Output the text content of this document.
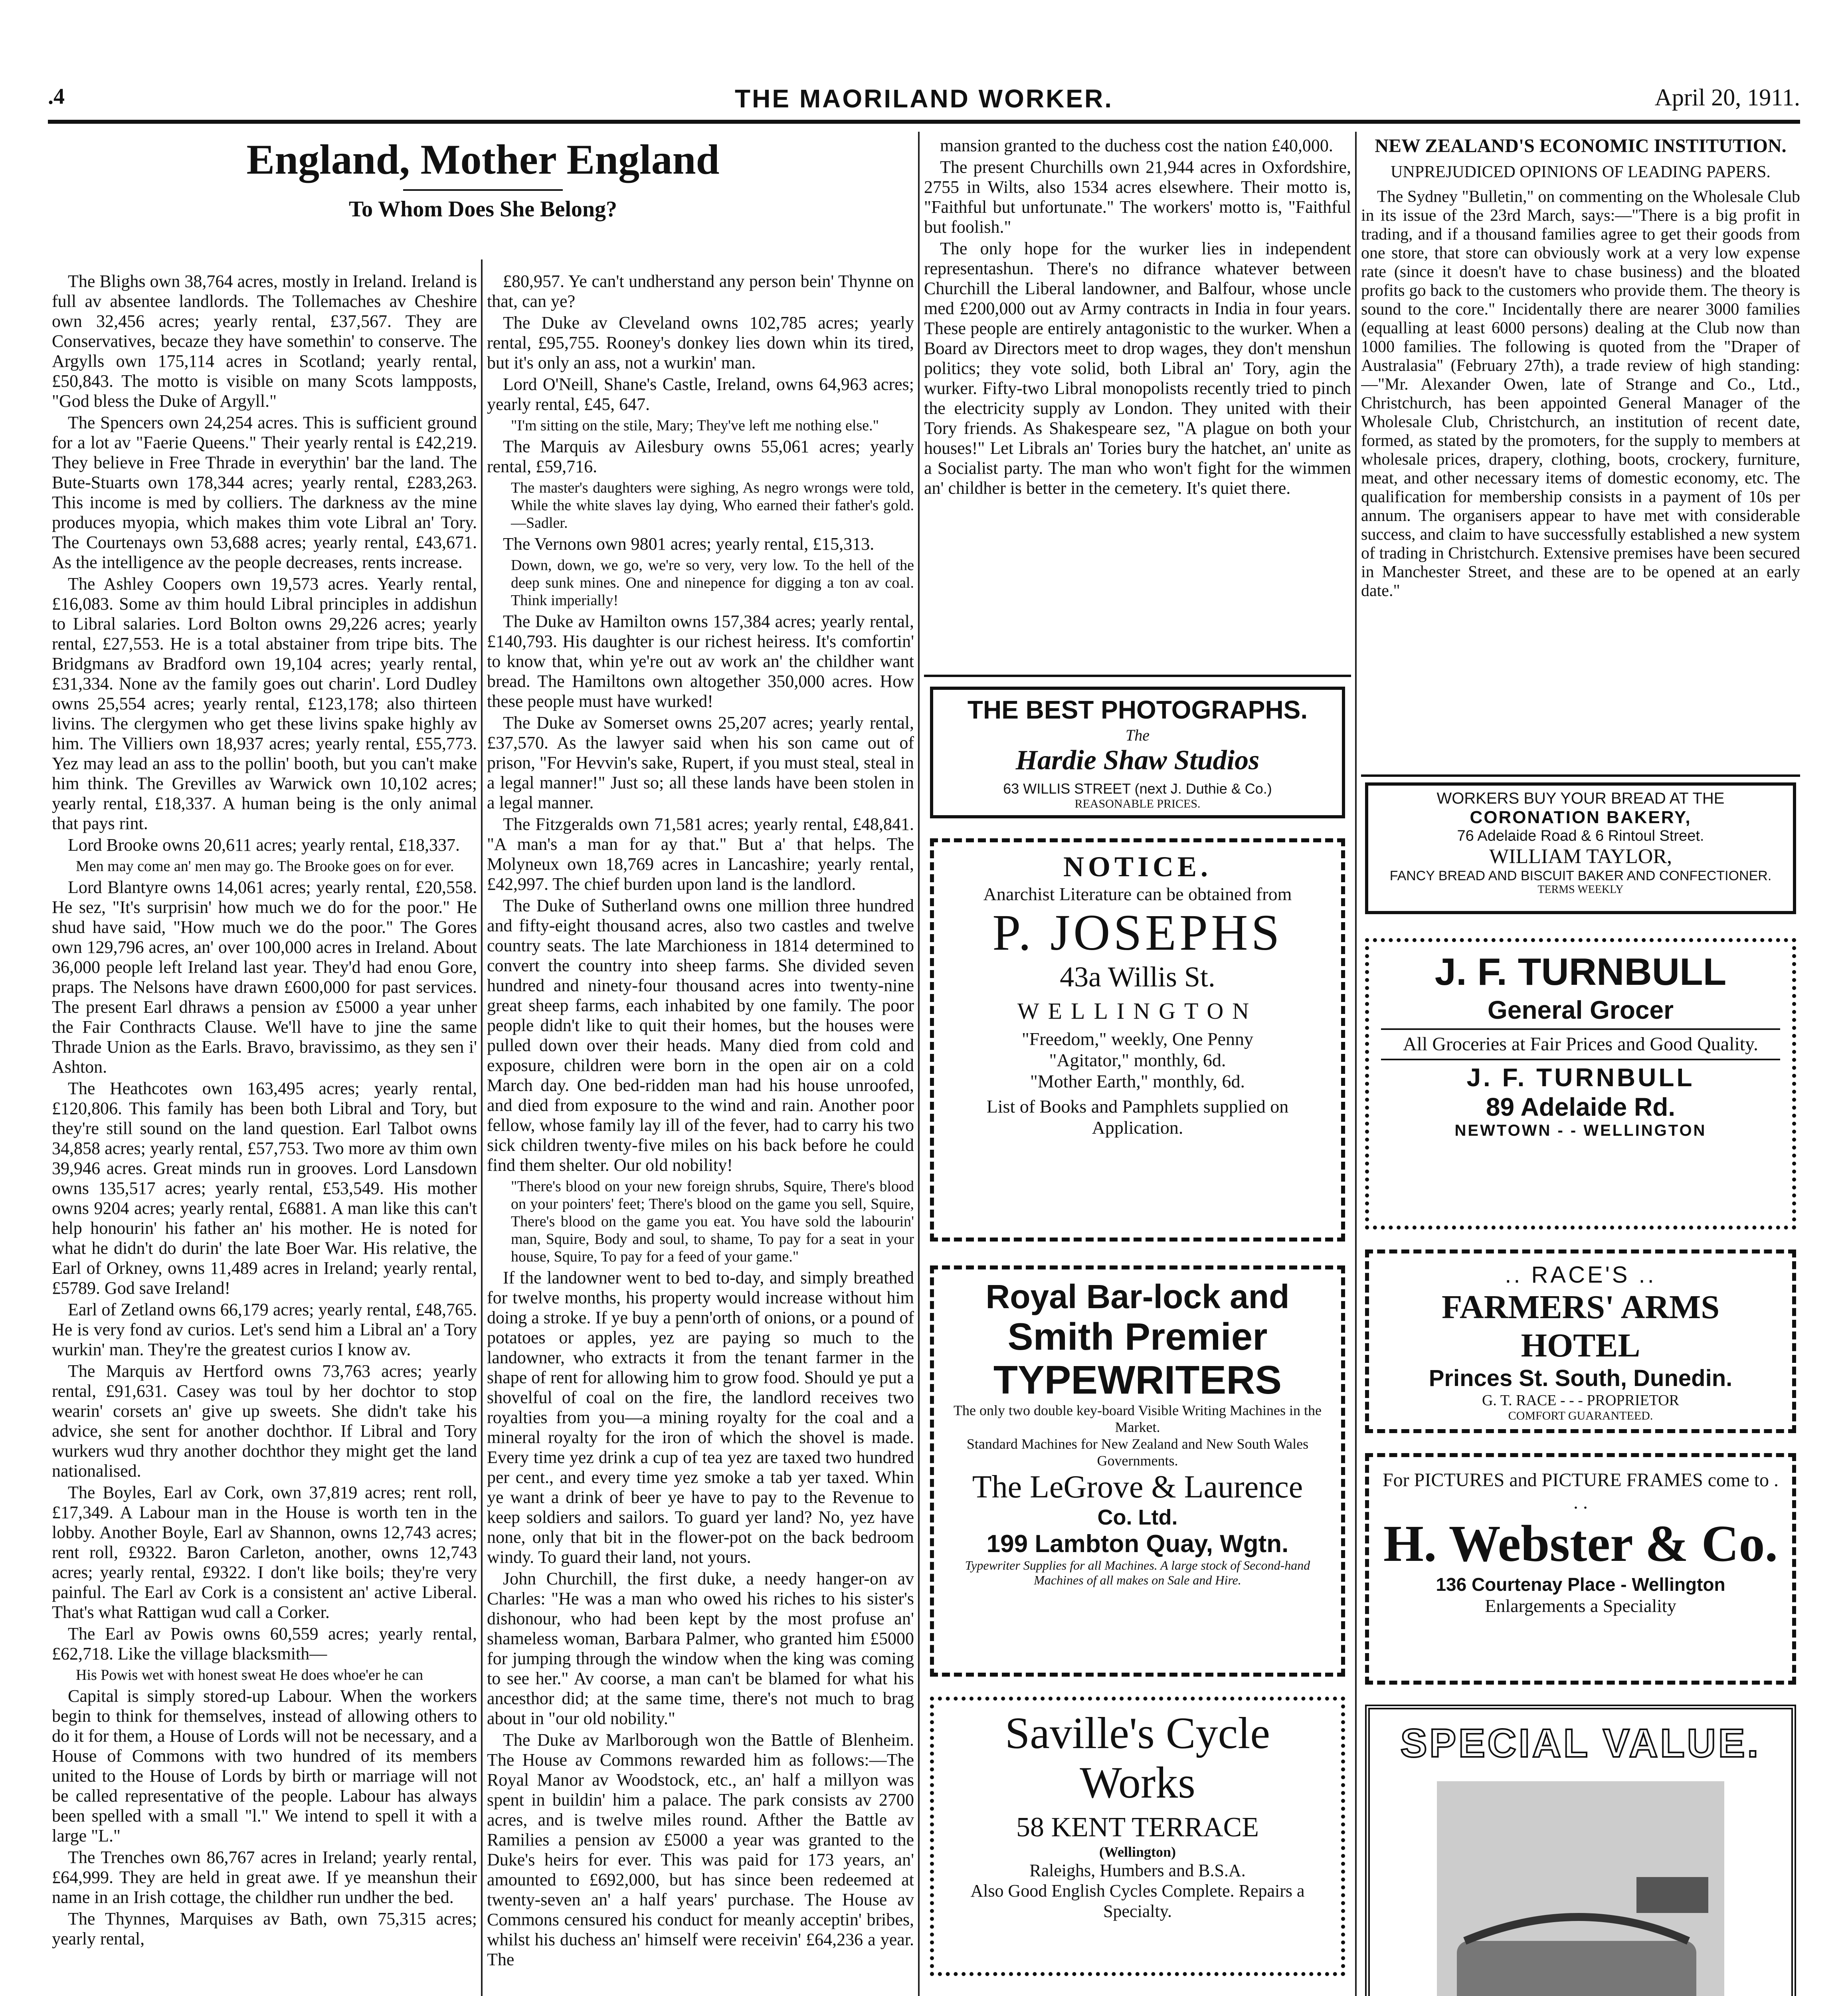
.4	THE MAORILAND WORKER.	April 20, 1911.
England, Mother England
To Whom Does She Belong?

The Blighs own 38,764 acres, mostly in Ireland. Ireland is full av absentee landlords. The Tollemaches av Cheshire own 32,456 acres; yearly rental, £37,567. They are Conservatives, becaze they have somethin' to conserve. The Argylls own 175,114 acres in Scotland; yearly rental, £50,843. The motto is visible on many Scots lampposts, "God bless the Duke of Argyll."

The Spencers own 24,254 acres. This is sufficient ground for a lot av "Faerie Queens." Their yearly rental is £42,219. They believe in Free Thrade in everythin' bar the land. The Bute-Stuarts own 178,344 acres; yearly rental, £283,263. This income is med by colliers. The darkness av the mine produces myopia, which makes thim vote Libral an' Tory. The Courtenays own 53,688 acres; yearly rental, £43,671. As the intelligence av the people decreases, rents increase.

The Ashley Coopers own 19,573 acres. Yearly rental, £16,083. Some av thim hould Libral principles in addishun to Libral salaries. Lord Bolton owns 29,226 acres; yearly rental, £27,553. He is a total abstainer from tripe bits. The Bridgmans av Bradford own 19,104 acres; yearly rental, £31,334. None av the family goes out charin'. Lord Dudley owns 25,554 acres; yearly rental, £123,178; also thirteen livins. The clergymen who get these livins spake highly av him. The Villiers own 18,937 acres; yearly rental, £55,773. Yez may lead an ass to the pollin' booth, but you can't make him think. The Grevilles av Warwick own 10,102 acres; yearly rental, £18,337. A human being is the only animal that pays rint.

Lord Brooke owns 20,611 acres; yearly rental, £18,337.

Men may come an' men may go. The Brooke goes on for ever.

Lord Blantyre owns 14,061 acres; yearly rental, £20,558. He sez, "It's surprisin' how much we do for the poor." He shud have said, "How much we do the poor." The Gores own 129,796 acres, an' over 100,000 acres in Ireland. About 36,000 people left Ireland last year. They'd had enou Gore, praps. The Nelsons have drawn £600,000 for past services. The present Earl dhraws a pension av £5000 a year unher the Fair Conthracts Clause. We'll have to jine the same Thrade Union as the Earls. Bravo, bravissimo, as they sen i' Ashton.

The Heathcotes own 163,495 acres; yearly rental, £120,806. This family has been both Libral and Tory, but they're still sound on the land question. Earl Talbot owns 34,858 acres; yearly rental, £57,753. Two more av thim own 39,946 acres. Great minds run in grooves. Lord Lansdown owns 135,517 acres; yearly rental, £53,549. His mother owns 9204 acres; yearly rental, £6881. A man like this can't help honourin' his father an' his mother. He is noted for what he didn't do durin' the late Boer War. His relative, the Earl of Orkney, owns 11,489 acres in Ireland; yearly rental, £5789. God save Ireland!

Earl of Zetland owns 66,179 acres; yearly rental, £48,765. He is very fond av curios. Let's send him a Libral an' a Tory wurkin' man. They're the greatest curios I know av.

The Marquis av Hertford owns 73,763 acres; yearly rental, £91,631. Casey was toul by her dochtor to stop wearin' corsets an' give up sweets. She didn't take his advice, she sent for another dochthor. If Libral and Tory wurkers wud thry another dochthor they might get the land nationalised.

The Boyles, Earl av Cork, own 37,819 acres; rent roll, £17,349. A Labour man in the House is worth ten in the lobby. Another Boyle, Earl av Shannon, owns 12,743 acres; rent roll, £9322. Baron Carleton, another, owns 12,743 acres; yearly rental, £9322. I don't like boils; they're very painful. The Earl av Cork is a consistent an' active Liberal. That's what Rattigan wud call a Corker.

The Earl av Powis owns 60,559 acres; yearly rental, £62,718. Like the village blacksmith—

His Powis wet with honest sweat He does whoe'er he can

Capital is simply stored-up Labour. When the workers begin to think for themselves, instead of allowing others to do it for them, a House of Lords will not be necessary, and a House of Commons with two hundred of its members united to the House of Lords by birth or marriage will not be called representative of the people. Labour has always been spelled with a small "l." We intend to spell it with a large "L."

The Trenches own 86,767 acres in Ireland; yearly rental, £64,999. They are held in great awe. If ye meanshun their name in an Irish cottage, the childher run undher the bed.

The Thynnes, Marquises av Bath, own 75,315 acres; yearly rental,

£80,957. Ye can't undherstand any person bein' Thynne on that, can ye?

The Duke av Cleveland owns 102,785 acres; yearly rental, £95,755. Rooney's donkey lies down whin its tired, but it's only an ass, not a wurkin' man.

Lord O'Neill, Shane's Castle, Ireland, owns 64,963 acres; yearly rental, £45, 647.

"I'm sitting on the stile, Mary; They've left me nothing else."

The Marquis av Ailesbury owns 55,061 acres; yearly rental, £59,716.

The master's daughters were sighing, As negro wrongs were told, While the white slaves lay dying, Who earned their father's gold. —Sadler.

The Vernons own 9801 acres; yearly rental, £15,313.

Down, down, we go, we're so very, very low. To the hell of the deep sunk mines. One and ninepence for digging a ton av coal. Think imperially!

The Duke av Hamilton owns 157,384 acres; yearly rental, £140,793. His daughter is our richest heiress. It's comfortin' to know that, whin ye're out av work an' the childher want bread. The Hamiltons own altogether 350,000 acres. How these people must have wurked!

The Duke av Somerset owns 25,207 acres; yearly rental, £37,570. As the lawyer said when his son came out of prison, "For Hevvin's sake, Rupert, if you must steal, steal in a legal manner!" Just so; all these lands have been stolen in a legal manner.

The Fitzgeralds own 71,581 acres; yearly rental, £48,841. "A man's a man for ay that." But a' that helps. The Molyneux own 18,769 acres in Lancashire; yearly rental, £42,997. The chief burden upon land is the landlord.

The Duke of Sutherland owns one million three hundred and fifty-eight thousand acres, also two castles and twelve country seats. The late Marchioness in 1814 determined to convert the country into sheep farms. She divided seven hundred and ninety-four thousand acres into twenty-nine great sheep farms, each inhabited by one family. The poor people didn't like to quit their homes, but the houses were pulled down over their heads. Many died from cold and exposure, children were born in the open air on a cold March day. One bed-ridden man had his house unroofed, and died from exposure to the wind and rain. Another poor fellow, whose family lay ill of the fever, had to carry his two sick children twenty-five miles on his back before he could find them shelter. Our old nobility!

"There's blood on your new foreign shrubs, Squire, There's blood on your pointers' feet; There's blood on the game you sell, Squire, There's blood on the game you eat. You have sold the labourin' man, Squire, Body and soul, to shame, To pay for a seat in your house, Squire, To pay for a feed of your game."

If the landowner went to bed to-day, and simply breathed for twelve months, his property would increase without him doing a stroke. If ye buy a penn'orth of onions, or a pound of potatoes or apples, yez are paying so much to the landowner, who extracts it from the tenant farmer in the shape of rent for allowing him to grow food. Should ye put a shovelful of coal on the fire, the landlord receives two royalties from you—a mining royalty for the coal and a mineral royalty for the iron of which the shovel is made. Every time yez drink a cup of tea yez are taxed two hundred per cent., and every time yez smoke a tab yer taxed. Whin ye want a drink of beer ye have to pay to the Revenue to keep soldiers and sailors. To guard yer land? No, yez have none, only that bit in the flower-pot on the back bedroom windy. To guard their land, not yours.

John Churchill, the first duke, a needy hanger-on av Charles: "He was a man who owed his riches to his sister's dishonour, who had been kept by the most profuse an' shameless woman, Barbara Palmer, who granted him £5000 for jumping through the window when the king was coming to see her." Av coorse, a man can't be blamed for what his ancesthor did; at the same time, there's not much to brag about in "our old nobility."

The Duke av Marlborough won the Battle of Blenheim. The House av Commons rewarded him as follows:—The Royal Manor av Woodstock, etc., an' half a millyon was spent in buildin' him a palace. The park consists av 2700 acres, and is twelve miles round. Afther the Battle av Ramilies a pension av £5000 a year was granted to the Duke's heirs for ever. This was paid for 173 years, an' amounted to £692,000, but has since been redeemed at twenty-seven an' a half years' purchase. The House av Commons censured his conduct for meanly acceptin' bribes, whilst his duchess an' himself were receivin' £64,236 a year. The

mansion granted to the duchess cost the nation £40,000.

The present Churchills own 21,944 acres in Oxfordshire, 2755 in Wilts, also 1534 acres elsewhere. Their motto is, "Faithful but unfortunate." The workers' motto is, "Faithful but foolish."

The only hope for the wurker lies in independent representashun. There's no difrance whatever between Churchill the Liberal landowner, and Balfour, whose uncle med £200,000 out av Army contracts in India in four years. These people are entirely antagonistic to the wurker. When a Board av Directors meet to drop wages, they don't menshun politics; they vote solid, both Libral an' Tory, agin the wurker. Fifty-two Libral monopolists recently tried to pinch the electricity supply av London. They united with their Tory friends. As Shakespeare sez, "A plague on both your houses!" Let Librals an' Tories bury the hatchet, an' unite as a Socialist party. The man who won't fight for the wimmen an' childher is better in the cemetery. It's quiet there.

THE BEST PHOTOGRAPHS.
The
Hardie Shaw Studios
63 WILLIS STREET (next J. Duthie & Co.)
REASONABLE PRICES.
NOTICE.
Anarchist Literature can be obtained from
P. JOSEPHS
43a Willis St.
WELLINGTON
"Freedom," weekly, One Penny
"Agitator," monthly, 6d.
"Mother Earth," monthly, 6d.
List of Books and Pamphlets supplied on Application.
Royal Bar-lock and
Smith Premier
TYPEWRITERS
The only two double key-board Visible Writing Machines in the Market.
Standard Machines for New Zealand and New South Wales Governments.
The LeGrove & Laurence
Co. Ltd.
199 Lambton Quay, Wgtn.
Typewriter Supplies for all Machines. A large stock of Second-hand Machines of all makes on Sale and Hire.
Saville's Cycle
Works
58 KENT TERRACE
(Wellington)
Raleighs, Humbers and B.S.A.
Also Good English Cycles Complete. Repairs a Specialty.
NEW ZEALAND'S ECONOMIC INSTITUTION.
UNPREJUDICED OPINIONS OF LEADING PAPERS.

The Sydney "Bulletin," on commenting on the Wholesale Club in its issue of the 23rd March, says:—"There is a big profit in trading, and if a thousand families agree to get their goods from one store, that store can obviously work at a very low expense rate (since it doesn't have to chase business) and the bloated profits go back to the customers who provide them. The theory is sound to the core." Incidentally there are nearer 3000 families (equalling at least 6000 persons) dealing at the Club now than 1000 families. The following is quoted from the "Draper of Australasia" (February 27th), a trade review of high standing:—"Mr. Alexander Owen, late of Strange and Co., Ltd., Christchurch, has been appointed General Manager of the Wholesale Club, Christchurch, an institution of recent date, formed, as stated by the promoters, for the supply to members at wholesale prices, drapery, clothing, boots, crockery, furniture, meat, and other necessary items of domestic economy, etc. The qualification for membership consists in a payment of 10s per annum. The organisers appear to have met with considerable success, and claim to have successfully established a new system of trading in Christchurch. Extensive premises have been secured in Manchester Street, and these are to be opened at an early date."

WORKERS BUY YOUR BREAD AT THE
CORONATION BAKERY,
76 Adelaide Road & 6 Rintoul Street.
WILLIAM TAYLOR,
FANCY BREAD AND BISCUIT BAKER AND CONFECTIONER.
TERMS WEEKLY
J. F. TURNBULL
General Grocer
All Groceries at Fair Prices and Good Quality.
J. F. TURNBULL
89 Adelaide Rd.
NEWTOWN - - WELLINGTON
.. RACE'S ..
FARMERS' ARMS HOTEL
Princes St. South, Dunedin.
G. T. RACE - - - PROPRIETOR
COMFORT GUARANTEED.
For PICTURES and PICTURE FRAMES come to . . .
H. Webster & Co.
136 Courtenay Place - Wellington
Enlargements a Speciality
SPECIAL VALUE.
